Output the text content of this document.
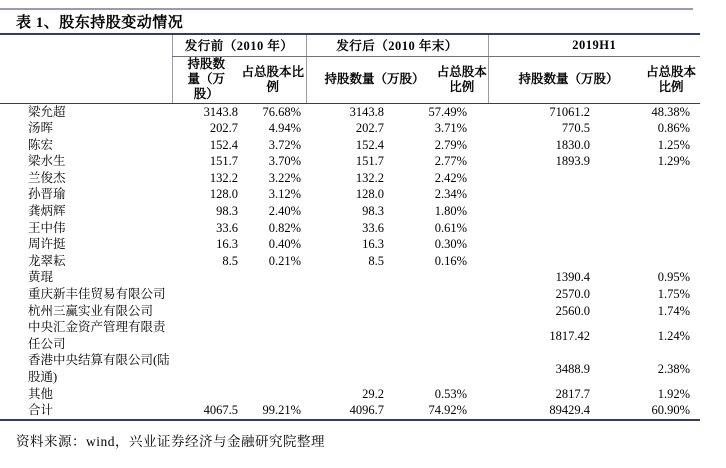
表 1、股东持股变动情况
	发行前（2010 年）		发行后（2010 年末）		2019H1	
	持股数量（万股）	占总股本比例	持股数量（万股）	占总股本比例	持股数量（万股）	占总股本比例
梁允超	3143.8	76.68%	3143.8	57.49%	71061.2	48.38%
汤晖	202.7	4.94%	202.7	3.71%	770.5	0.86%
陈宏	152.4	3.72%	152.4	2.79%	1830.0	1.25%
梁水生	151.7	3.70%	151.7	2.77%	1893.9	1.29%
兰俊杰	132.2	3.22%	132.2	2.42%		
孙晋瑜	128.0	3.12%	128.0	2.34%		
龚炳辉	98.3	2.40%	98.3	1.80%		
王中伟	33.6	0.82%	33.6	0.61%		
周许挺	16.3	0.40%	16.3	0.30%		
龙翠耘	8.5	0.21%	8.5	0.16%		
黄琨					1390.4	0.95%
重庆新丰佳贸易有限公司					2570.0	1.75%
杭州三赢实业有限公司					2560.0	1.74%
中央汇金资产管理有限责任公司					1817.42	1.24%
香港中央结算有限公司(陆股通)					3488.9	2.38%
其他			29.2	0.53%	2817.7	1.92%
合计	4067.5	99.21%	4096.7	74.92%	89429.4	60.90%
资料来源：wind，兴业证券经济与金融研究院整理
